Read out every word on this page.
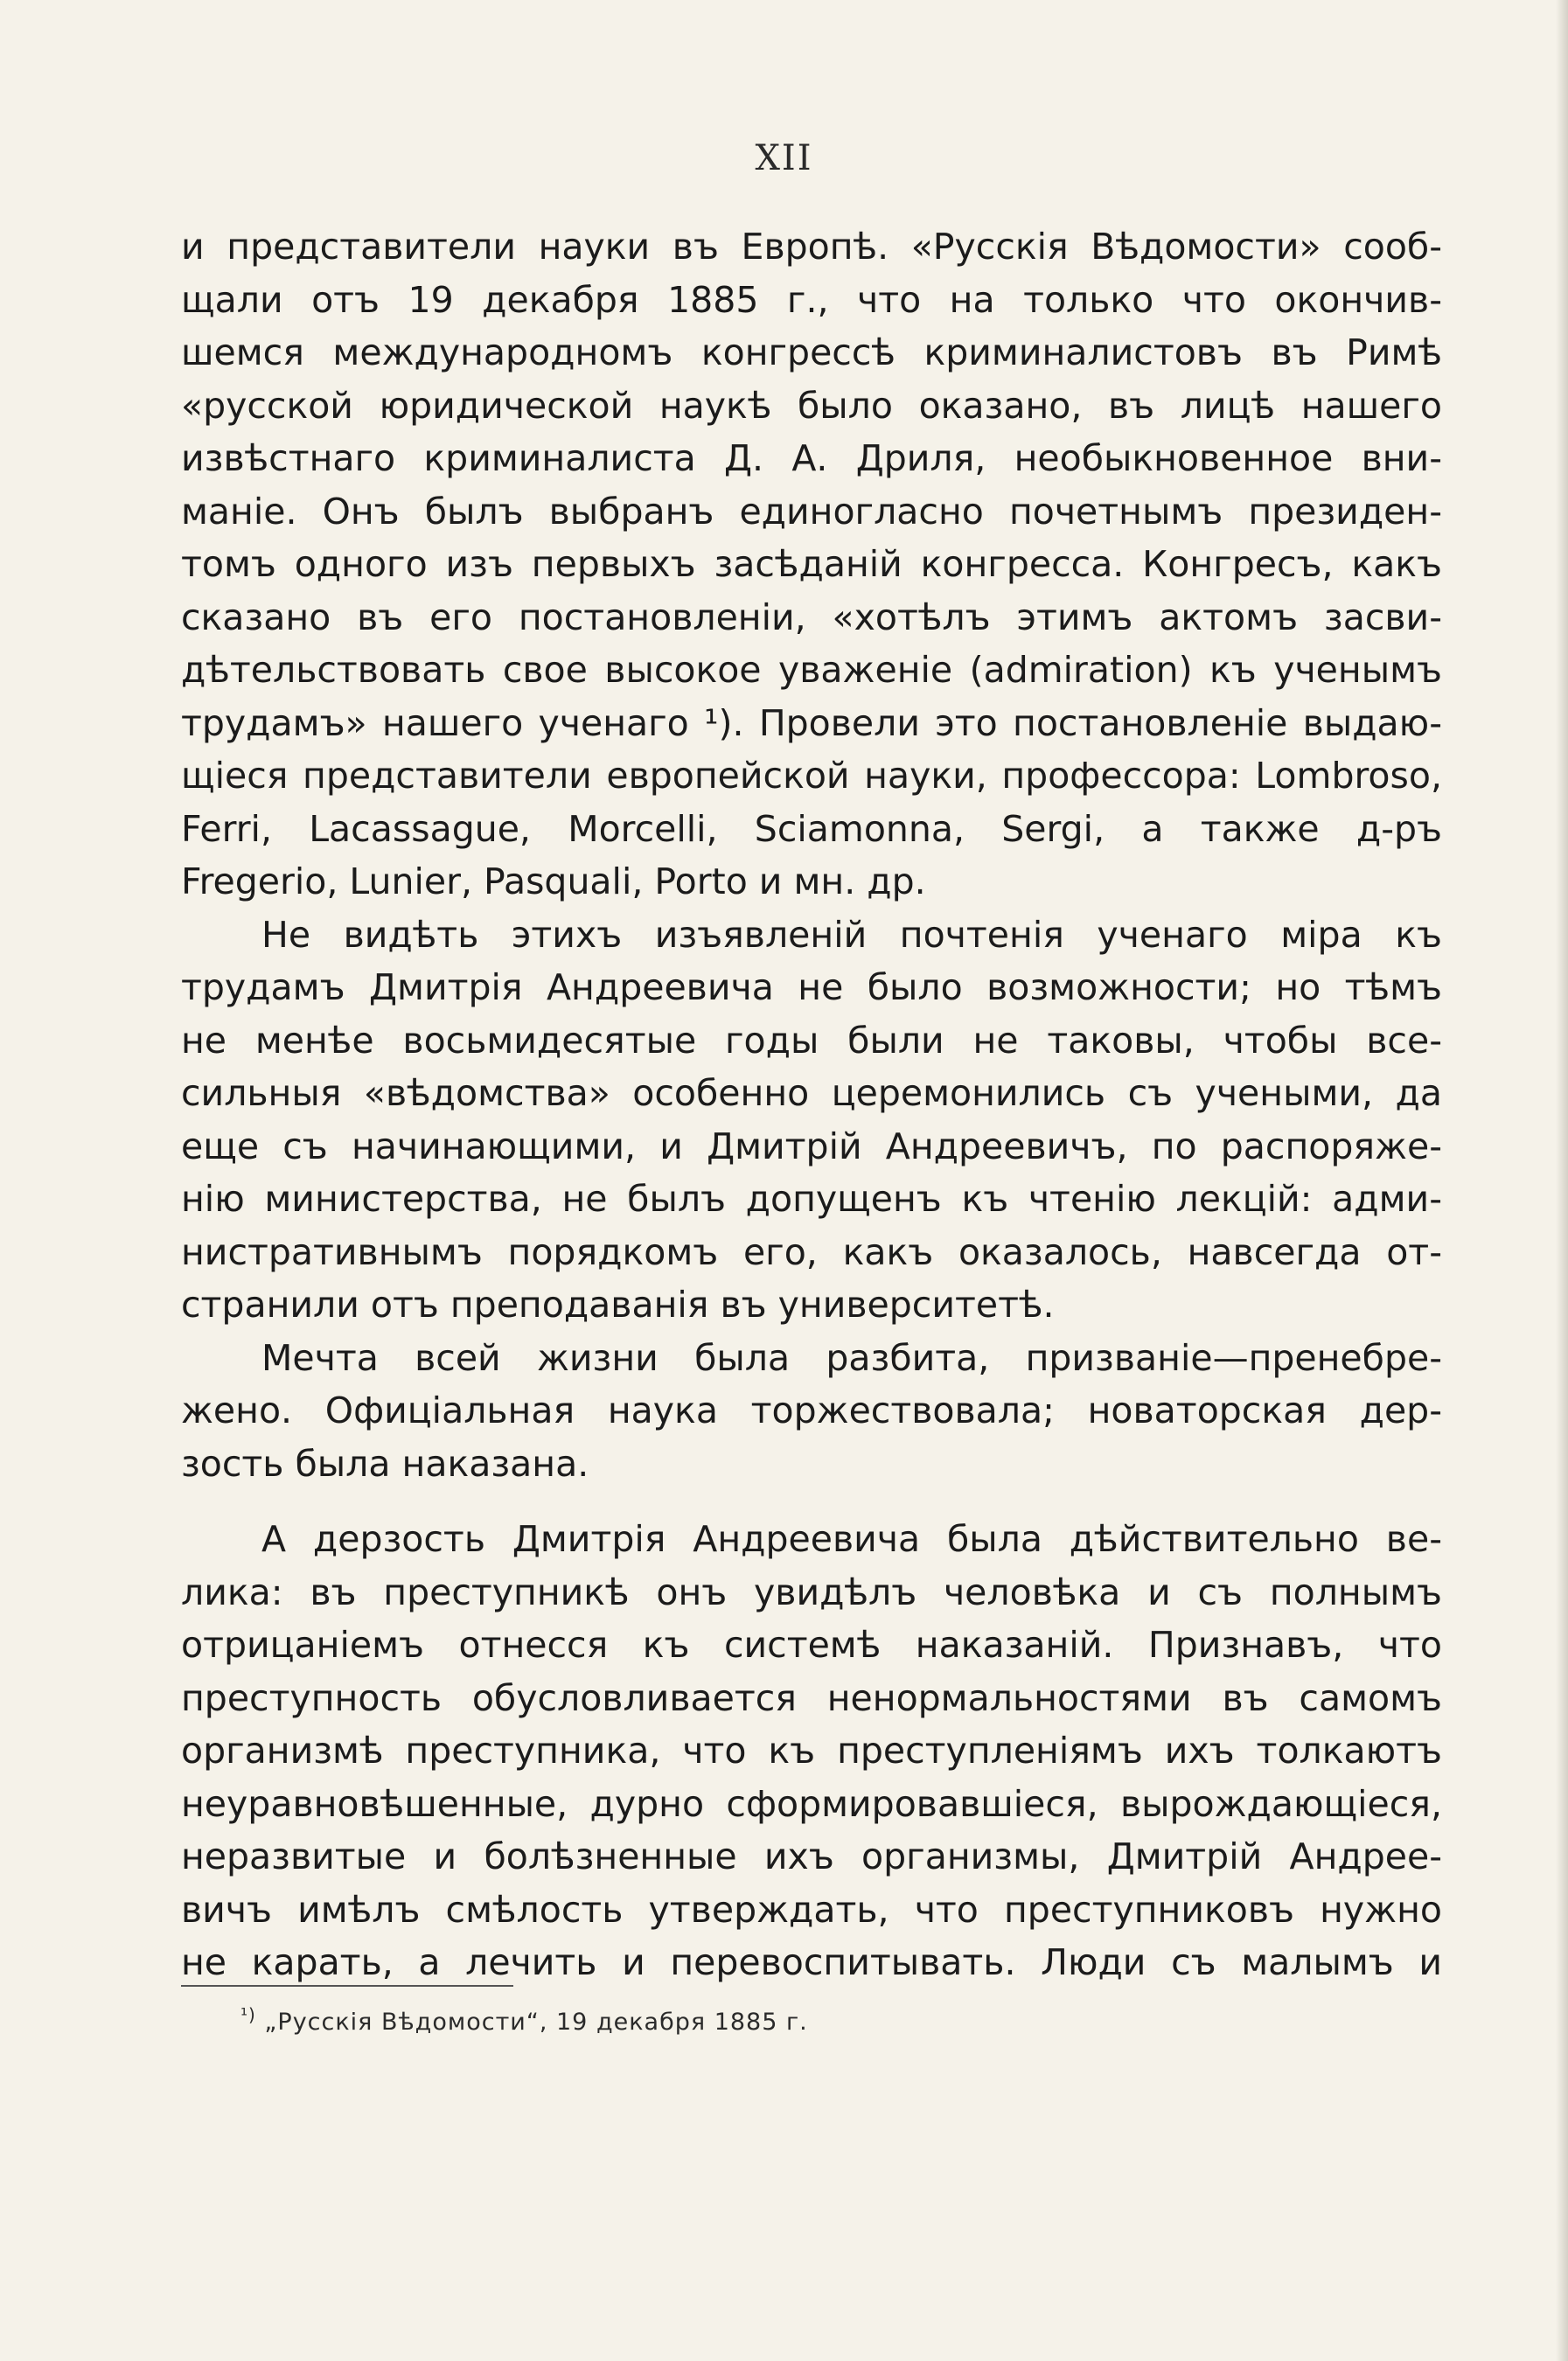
XII
и представители науки въ Европѣ. «Русскія Вѣдомости» сооб-
щали отъ 19 декабря 1885 г., что на только что окончив-
шемся международномъ конгрессѣ криминалистовъ въ Римѣ
«русской юридической наукѣ было оказано, въ лицѣ нашего
извѣстнаго криминалиста Д. А. Дриля, необыкновенное вни-
маніе. Онъ былъ выбранъ единогласно почетнымъ президен-
томъ одного изъ первыхъ засѣданій конгресса. Конгресъ, какъ
сказано въ его постановленіи, «хотѣлъ этимъ актомъ засви-
дѣтельствовать свое высокое уваженіе (admiration) къ ученымъ
трудамъ» нашего ученаго ¹). Провели это постановленіе выдаю-
щіеся представители европейской науки, профессора: Lombroso,
Ferri, Lacassague, Morcelli, Sciamonna, Sergi, а также д-ръ
Fregerio, Lunier, Pasquali, Porto и мн. др.
Не видѣть этихъ изъявленій почтенія ученаго міра къ
трудамъ Дмитрія Андреевича не было возможности; но тѣмъ
не менѣе восьмидесятые годы были не таковы, чтобы все-
сильныя «вѣдомства» особенно церемонились съ учеными, да
еще съ начинающими, и Дмитрій Андреевичъ, по распоряже-
нію министерства, не былъ допущенъ къ чтенію лекцій: адми-
нистративнымъ порядкомъ его, какъ оказалось, навсегда от-
странили отъ преподаванія въ университетѣ.
Мечта всей жизни была разбита, призваніе—пренебре-
жено. Офиціальная наука торжествовала; новаторская дер-
зость была наказана.
А дерзость Дмитрія Андреевича была дѣйствительно ве-
лика: въ преступникѣ онъ увидѣлъ человѣка и съ полнымъ
отрицаніемъ отнесся къ системѣ наказаній. Признавъ, что
преступность обусловливается ненормальностями въ самомъ
организмѣ преступника, что къ преступленіямъ ихъ толкаютъ
неуравновѣшенные, дурно сформировавшіеся, вырождающіеся,
неразвитые и болѣзненные ихъ организмы, Дмитрій Андрее-
вичъ имѣлъ смѣлость утверждать, что преступниковъ нужно
не карать, а лечить и перевоспитывать. Люди съ малымъ и
$^{^1)}$ „Русскія Вѣдомости“, 19 декабря 1885 г.
